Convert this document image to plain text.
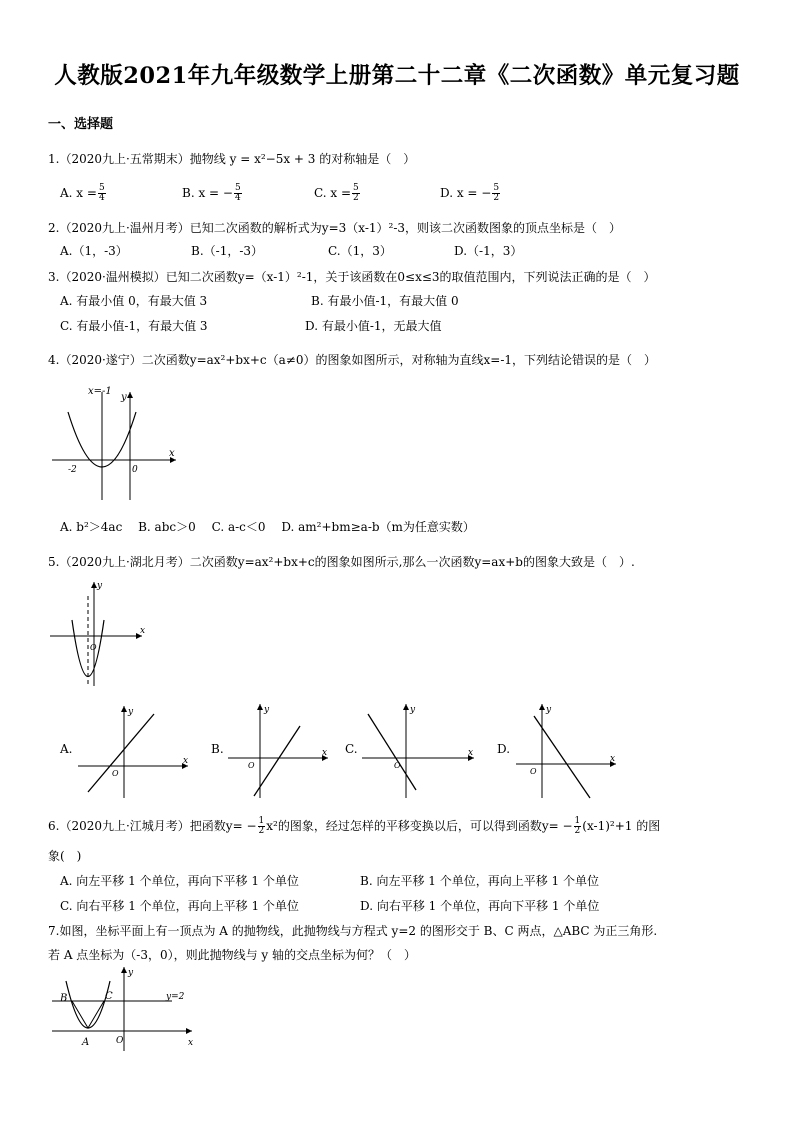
人教版2021年九年级数学上册第二十二章《二次函数》单元复习题
一、选择题
1.（2020九上·五常期末）抛物线 y = x²−5x + 3 的对称轴是（　）
A. $x = \frac{5}{4}$	B. x = − $\frac{5}{4}$	C. $x = \frac{5}{2}$	D. x = − $\frac{5}{2}$
2.（2020九上·温州月考）已知二次函数的解析式为y=3（x-1）²-3，则该二次函数图象的顶点坐标是（　）
A.（1，-3）	B.（-1，-3）	C.（1，3）	D.（-1，3）
3.（2020·温州模拟）已知二次函数y=（x-1）²-1，关于该函数在0≤x≤3的取值范围内，下列说法正确的是（　）
A. 有最小值 0，有最大值 3	B. 有最小值-1，有最大值 0
C. 有最小值-1，有最大值 3	D. 有最小值-1，无最大值
4.（2020·遂宁）二次函数y=ax²+bx+c（a≠0）的图象如图所示，对称轴为直线x=-1，下列结论错误的是（　）
x=-1
y
x
-2	0
A. b²＞4ac　 B. abc＞0　 C. a-c＜0　 D. am²+bm≥a-b（m为任意实数）
5.（2020九上·湖北月考）二次函数y=ax²+bx+c的图象如图所示,那么一次函数y=ax+b的图象大致是（　）.
y
x
O
A.
y
x
O
B.
y
x
O
C.
y
x
O
D.
y
x
O
6.（2020九上·江城月考）把函数$y= - \frac{1}{2} x^2$的图象，经过怎样的平移变换以后，可以得到函数$y= - \frac{1}{2} (x-1)^2+1$ 的图
象(　)
A. 向左平移 1 个单位，再向下平移 1 个单位	B. 向左平移 1 个单位，再向上平移 1 个单位
C. 向右平移 1 个单位，再向上平移 1 个单位	D. 向右平移 1 个单位，再向下平移 1 个单位
7.如图，坐标平面上有一顶点为 A 的抛物线，此抛物线与方程式 y=2 的图形交于 B、C 两点，△ABC 为正三角形.
若 A 点坐标为（-3，0），则此抛物线与 y 轴的交点坐标为何？（　）
y
x
O
A
B	C	y=2
